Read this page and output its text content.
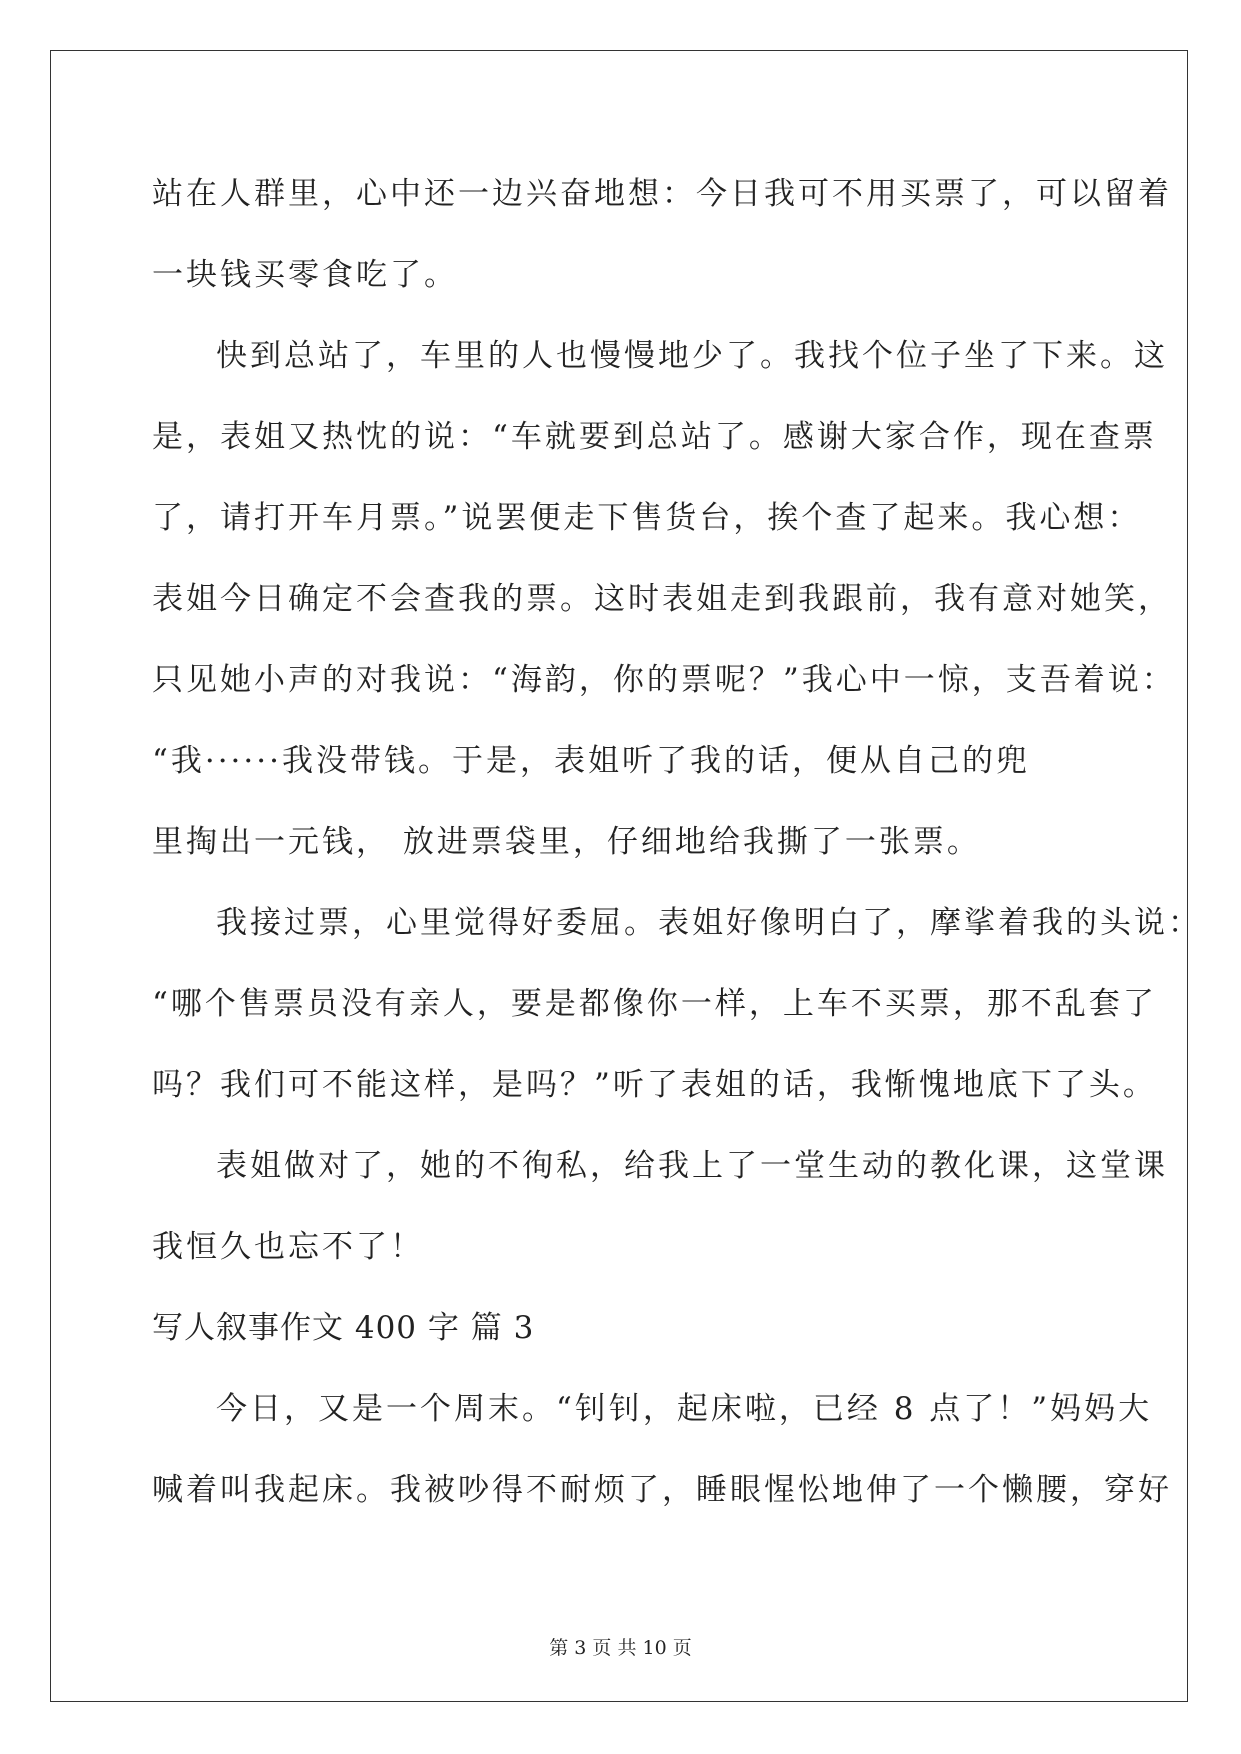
站在人群里，心中还一边兴奋地想：今日我可不用买票了，可以留着
一块钱买零食吃了。
快到总站了，车里的人也慢慢地少了。我找个位子坐了下来。这
是，表姐又热忱的说：“车就要到总站了。感谢大家合作，现在查票
了，请打开车月票。”说罢便走下售货台，挨个查了起来。我心想：
表姐今日确定不会查我的票。这时表姐走到我跟前，我有意对她笑，
只见她小声的对我说：“海韵，你的票呢？”我心中一惊，支吾着说：
“我······我没带钱。于是，表姐听了我的话，便从自己的兜
里掏出一元钱， 放进票袋里，仔细地给我撕了一张票。
我接过票，心里觉得好委屈。表姐好像明白了，摩挲着我的头说：
“哪个售票员没有亲人，要是都像你一样，上车不买票，那不乱套了
吗？我们可不能这样，是吗？”听了表姐的话，我惭愧地底下了头。
表姐做对了，她的不徇私，给我上了一堂生动的教化课，这堂课
我恒久也忘不了！
写人叙事作文 400 字 篇 3
今日，又是一个周末。“钊钊，起床啦，已经 8 点了！”妈妈大
喊着叫我起床。我被吵得不耐烦了，睡眼惺忪地伸了一个懒腰，穿好
第 3 页 共 10 页
